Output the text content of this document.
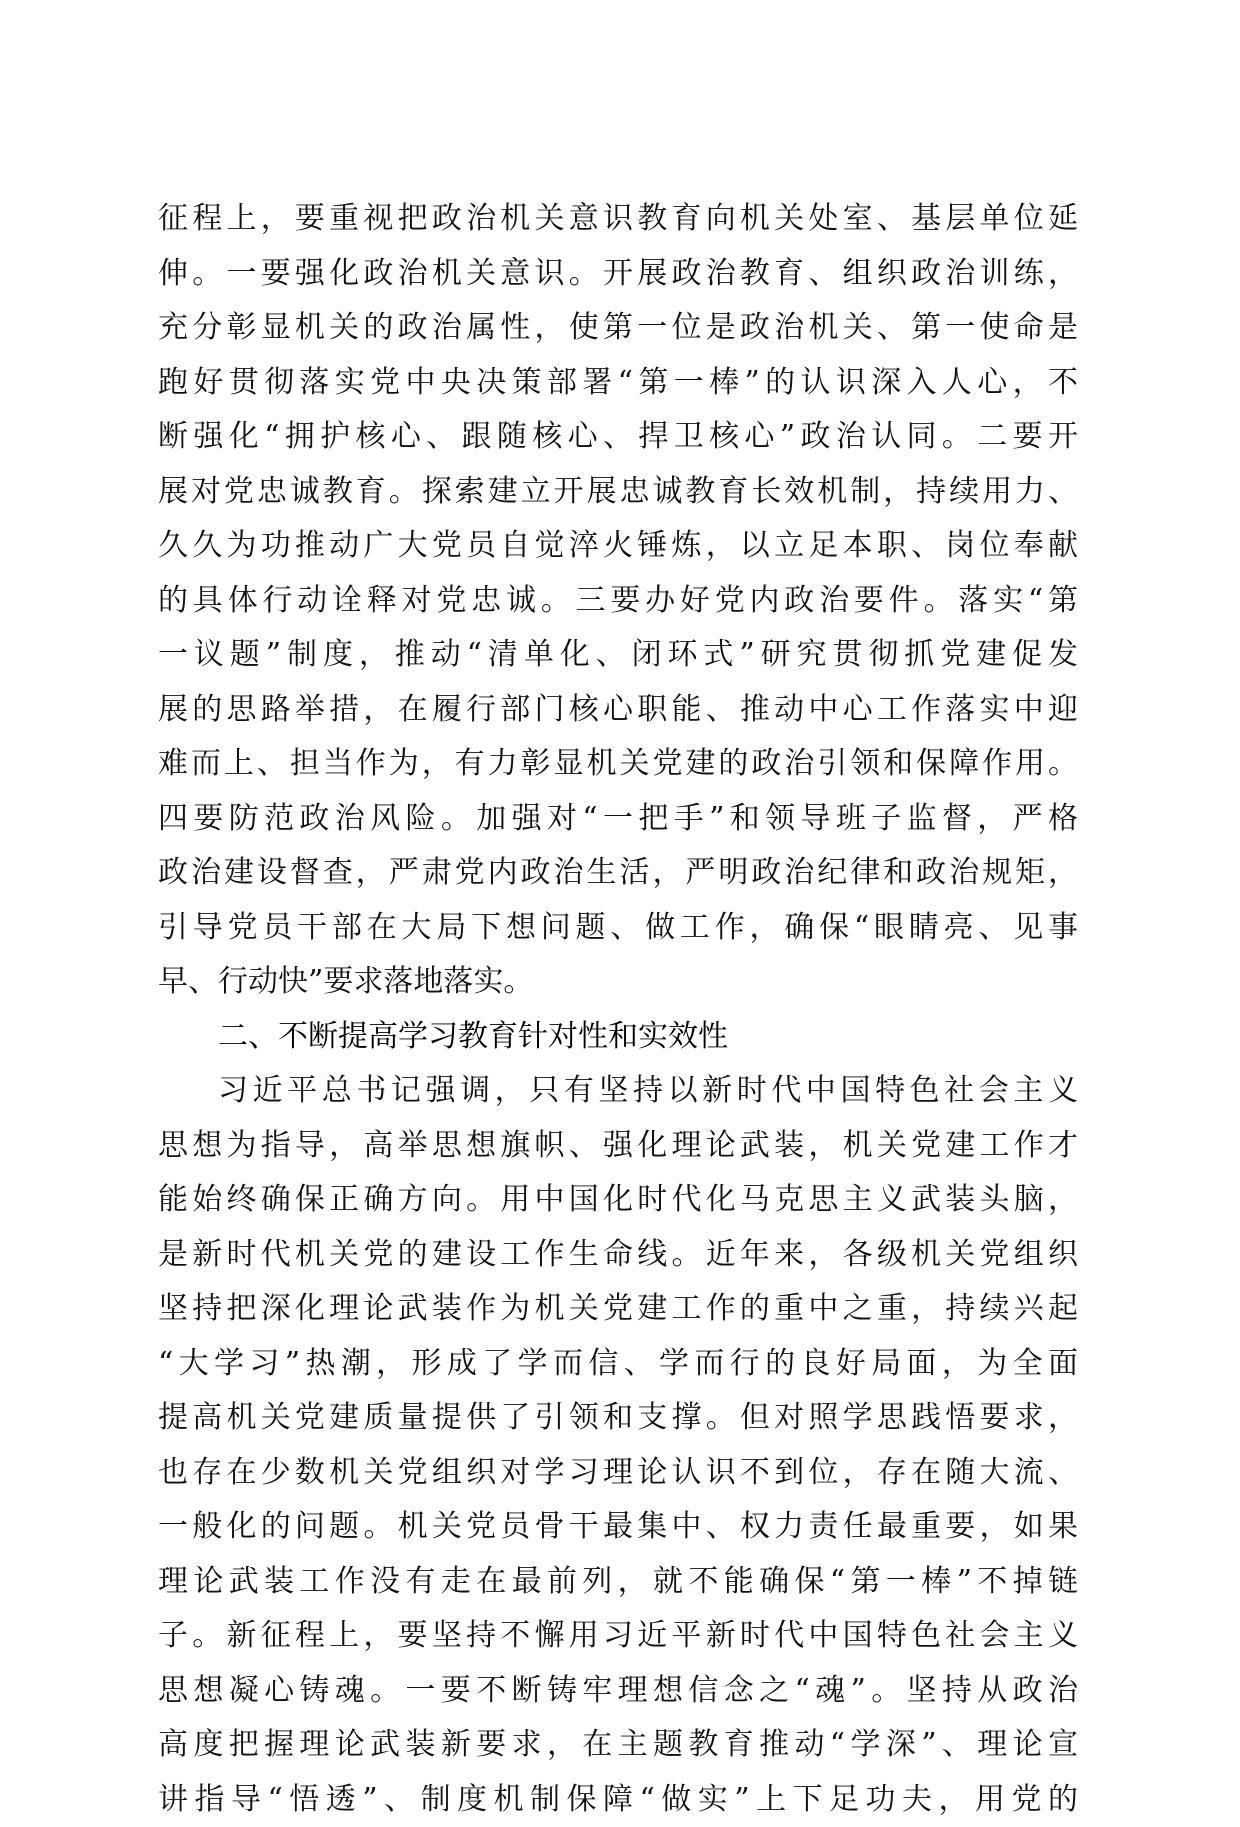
征程上，要重视把政治机关意识教育向机关处室、基层单位延
伸。一要强化政治机关意识。开展政治教育、组织政治训练，
充分彰显机关的政治属性，使第一位是政治机关、第一使命是
跑好贯彻落实党中央决策部署“第一棒”的认识深入人心，不
断强化“拥护核心、跟随核心、捍卫核心”政治认同。二要开
展对党忠诚教育。探索建立开展忠诚教育长效机制，持续用力、
久久为功推动广大党员自觉淬火锤炼，以立足本职、岗位奉献
的具体行动诠释对党忠诚。三要办好党内政治要件。落实“第
一议题”制度，推动“清单化、闭环式”研究贯彻抓党建促发
展的思路举措，在履行部门核心职能、推动中心工作落实中迎
难而上、担当作为，有力彰显机关党建的政治引领和保障作用。
四要防范政治风险。加强对“一把手”和领导班子监督，严格
政治建设督查，严肃党内政治生活，严明政治纪律和政治规矩，
引导党员干部在大局下想问题、做工作，确保“眼睛亮、见事
早、行动快”要求落地落实。
二、不断提高学习教育针对性和实效性
习近平总书记强调，只有坚持以新时代中国特色社会主义
思想为指导，高举思想旗帜、强化理论武装，机关党建工作才
能始终确保正确方向。用中国化时代化马克思主义武装头脑，
是新时代机关党的建设工作生命线。近年来，各级机关党组织
坚持把深化理论武装作为机关党建工作的重中之重，持续兴起
“大学习”热潮，形成了学而信、学而行的良好局面，为全面
提高机关党建质量提供了引领和支撑。但对照学思践悟要求，
也存在少数机关党组织对学习理论认识不到位，存在随大流、
一般化的问题。机关党员骨干最集中、权力责任最重要，如果
理论武装工作没有走在最前列，就不能确保“第一棒”不掉链
子。新征程上，要坚持不懈用习近平新时代中国特色社会主义
思想凝心铸魂。一要不断铸牢理想信念之“魂”。坚持从政治
高度把握理论武装新要求，在主题教育推动“学深”、理论宣
讲指导“悟透”、制度机制保障“做实”上下足功夫，用党的
